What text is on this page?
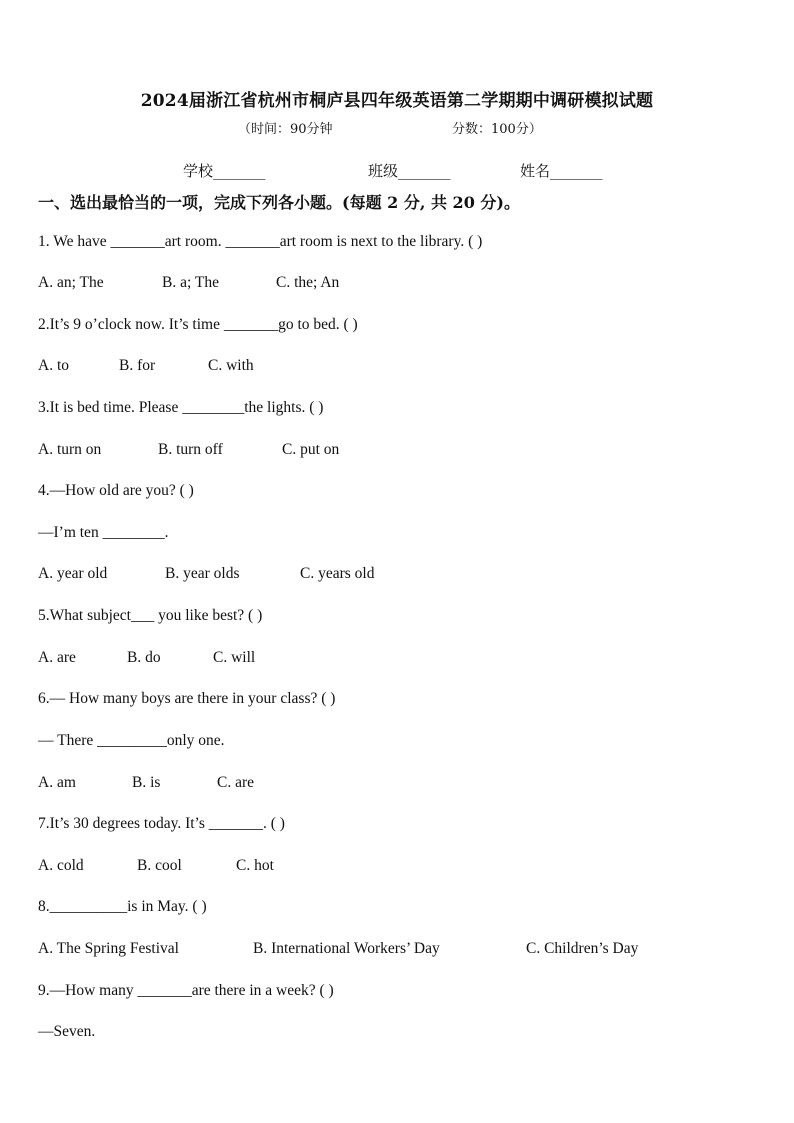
2024届浙江省杭州市桐庐县四年级英语第二学期期中调研模拟试题
（时间：90分钟	分数：100分）
学校_______	班级_______	姓名_______
一、选出最恰当的一项，完成下列各小题。(每题 2 分, 共 20 分)。
1. We have _______art room. _______art room is next to the library. ( )
A. an; The	B. a; The	C. the; An
2.It’s 9 o’clock now. It’s time _______go to bed. ( )
A. to	B. for	C. with
3.It is bed time. Please ________the lights. ( )
A. turn on	B. turn off	C. put on
4.—How old are you? ( )
—I’m ten ________.
A. year old	B. year olds	C. years old
5.What subject___ you like best? ( )
A. are	B. do	C. will
6.— How many boys are there in your class? ( )
— There _________only one.
A. am	B. is	C. are
7.It’s 30 degrees today. It’s _______. ( )
A. cold	B. cool	C. hot
8.__________is in May. ( )
A. The Spring Festival	B. International Workers’ Day	C. Children’s Day
9.—How many _______are there in a week? ( )
—Seven.
